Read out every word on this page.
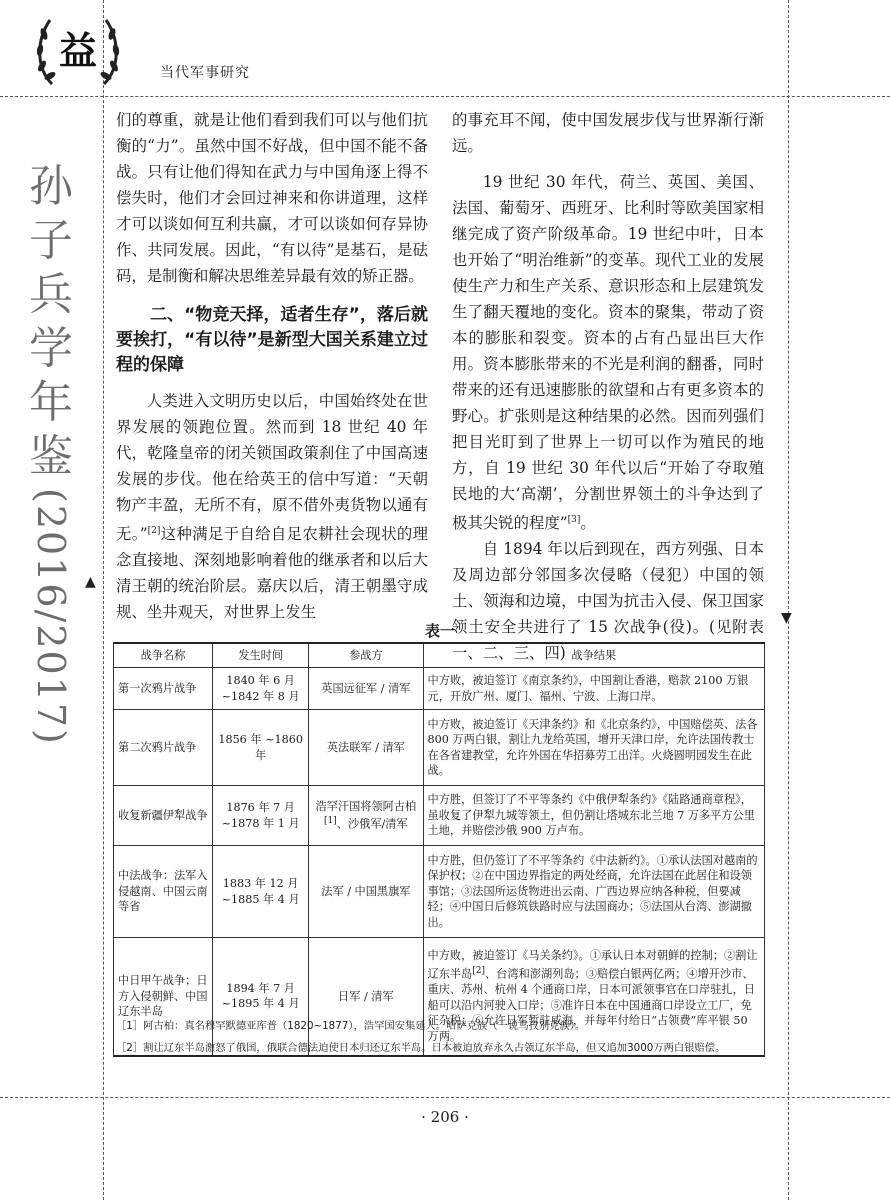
益	当代军事研究
孙
子
兵
学
年
鉴
(2016/2017) ▲
▼

们的尊重，就是让他们看到我们可以与他们抗衡的“力”。虽然中国不好战，但中国不能不备战。只有让他们得知在武力与中国角逐上得不偿失时，他们才会回过神来和你讲道理，这样才可以谈如何互利共赢，才可以谈如何存异协作、共同发展。因此，“有以待”是基石，是砝码，是制衡和解决思维差异最有效的矫正器。

二、“物竞天择，适者生存”，落后就要挨打，“有以待”是新型大国关系建立过程的保障

人类进入文明历史以后，中国始终处在世界发展的领跑位置。然而到 18 世纪 40 年代，乾隆皇帝的闭关锁国政策刹住了中国高速发展的步伐。他在给英王的信中写道：“天朝物产丰盈，无所不有，原不借外夷货物以通有无。”[2]这种满足于自给自足农耕社会现状的理念直接地、深刻地影响着他的继承者和以后大清王朝的统治阶层。嘉庆以后，清王朝墨守成规、坐井观天，对世界上发生

的事充耳不闻，使中国发展步伐与世界渐行渐远。

19 世纪 30 年代，荷兰、英国、美国、法国、葡萄牙、西班牙、比利时等欧美国家相继完成了资产阶级革命。19 世纪中叶，日本也开始了“明治维新”的变革。现代工业的发展使生产力和生产关系、意识形态和上层建筑发生了翻天覆地的变化。资本的聚集，带动了资本的膨胀和裂变。资本的占有凸显出巨大作用。资本膨胀带来的不光是利润的翻番，同时带来的还有迅速膨胀的欲望和占有更多资本的野心。扩张则是这种结果的必然。因而列强们把目光盯到了世界上一切可以作为殖民的地方，自 19 世纪 30 年代以后“开始了夺取殖民地的大‘高潮’，分割世界领土的斗争达到了极其尖锐的程度”[3]。

自 1894 年以后到现在，西方列强、日本及周边部分邻国多次侵略（侵犯）中国的领土、领海和边境，中国为抗击入侵、保卫国家领土安全共进行了 15 次战争(役)。(见附表一、二、三、四)

表一
战争名称	发生时间	参战方	战争结果
第一次鸦片战争	1840 年 6 月 ~1842 年 8 月	英国远征军 / 清军	中方败，被迫签订《南京条约》，中国割让香港，赔款 2100 万银元，开放广州、厦门、福州、宁波、上海口岸。
第二次鸦片战争	1856 年 ~1860 年	英法联军 / 清军	中方败，被迫签订《天津条约》和《北京条约》，中国赔偿英、法各 800 万两白银，割让九龙给英国，增开天津口岸，允许法国传教士在各省建教堂，允许外国在华招募劳工出洋。火烧圆明园发生在此战。
收复新疆伊犁战争	1876 年 7 月 ~1878 年 1 月	浩罕汗国将领阿古柏[1]、沙俄军/清军	中方胜，但签订了不平等条约《中俄伊犁条约》《陆路通商章程》，虽收复了伊犁九城等领土，但仍割让塔城东北兰地 7 万多平方公里土地，并赔偿沙俄 900 万卢布。
中法战争：法军入侵越南、中国云南等省	1883 年 12 月 ~1885 年 4 月	法军 / 中国黑旗军	中方胜，但仍签订了不平等条约《中法新约》。①承认法国对越南的保护权；②在中国边界指定的两处经商，允许法国在此居住和设领事馆；③法国所运货物进出云南、广西边界应纳各种税，但要减轻；④中国日后修筑铁路时应与法国商办；⑤法国从台湾、澎湖撤出。
中日甲午战争；日方入侵朝鲜、中国辽东半岛	1894 年 7 月 ~1895 年 4 月	日军 / 清军	中方败，被迫签订《马关条约》。①承认日本对朝鲜的控制；②割让辽东半岛[2]、台湾和澎湖列岛；③赔偿白银两亿两；④增开沙市、重庆、苏州、杭州 4 个通商口岸，日本可派领事官在口岸驻扎，日船可以沿内河驶入口岸；⑤准许日本在中国通商口岸设立工厂，免征杂税；⑥允许日军暂驻威海，并每年付给日“占领费”库平银 50 万两。
［1］阿古柏：真名穆罕默德亚库普（1820~1877），浩罕国安集延人。哈萨克族（一说乌孜别克族）。
［2］割让辽东半岛激怒了俄国，俄联合德法迫使日本归还辽东半岛。日本被迫放弃永久占领辽东半岛，但又追加3000万两白银赔偿。
· 206 ·
